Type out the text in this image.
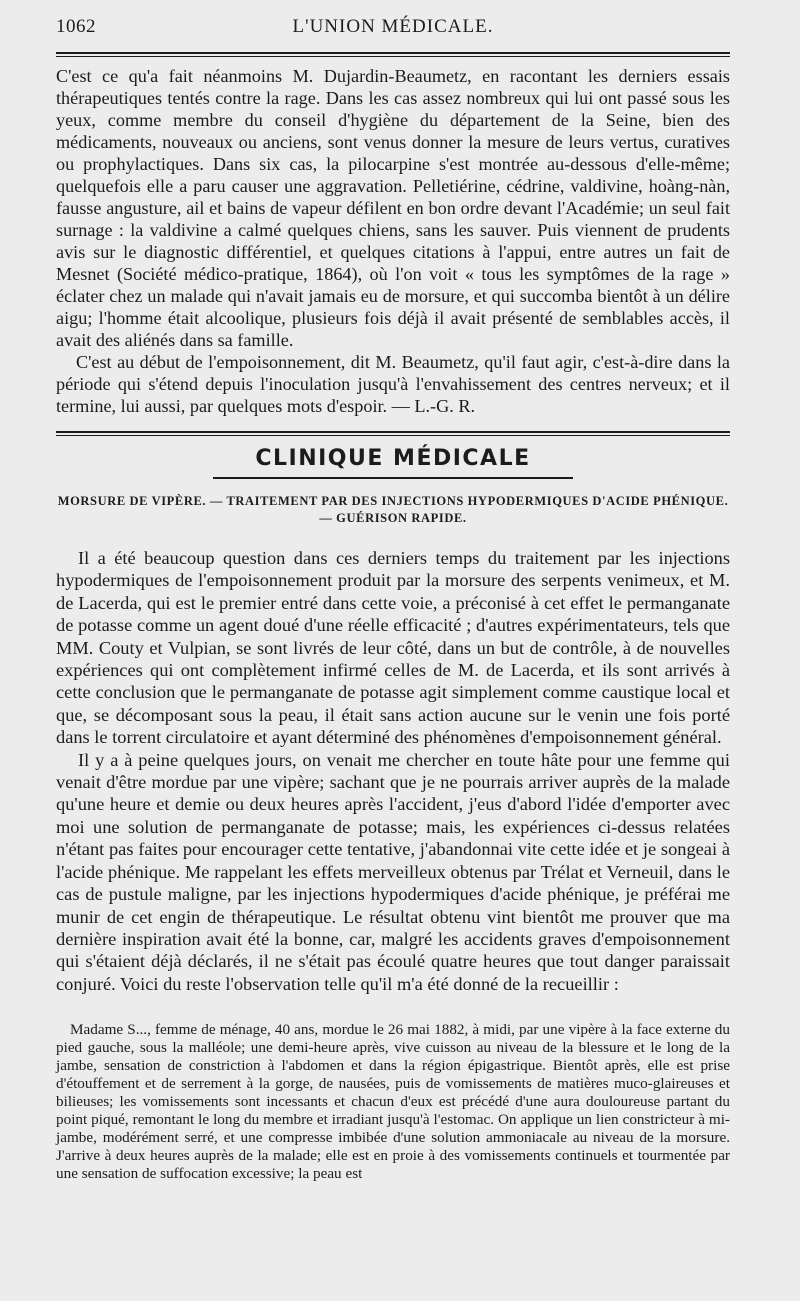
1062	L'UNION MÉDICALE.

C'est ce qu'a fait néanmoins M. Dujardin-Beaumetz, en racontant les derniers essais thérapeutiques tentés contre la rage. Dans les cas assez nombreux qui lui ont passé sous les yeux, comme membre du conseil d'hygiène du département de la Seine, bien des médicaments, nouveaux ou anciens, sont venus donner la mesure de leurs vertus, curatives ou prophylactiques. Dans six cas, la pilocarpine s'est montrée au-dessous d'elle-même; quelquefois elle a paru causer une aggravation. Pelletiérine, cédrine, valdivine, hoàng-nàn, fausse angusture, ail et bains de vapeur défilent en bon ordre devant l'Académie; un seul fait surnage : la valdivine a calmé quelques chiens, sans les sauver. Puis viennent de prudents avis sur le diagnostic différentiel, et quelques citations à l'appui, entre autres un fait de Mesnet (Société médico-pratique, 1864), où l'on voit « tous les symptômes de la rage » éclater chez un malade qui n'avait jamais eu de morsure, et qui succomba bientôt à un délire aigu; l'homme était alcoolique, plusieurs fois déjà il avait présenté de semblables accès, il avait des aliénés dans sa famille.

C'est au début de l'empoisonnement, dit M. Beaumetz, qu'il faut agir, c'est-à-dire dans la période qui s'étend depuis l'inoculation jusqu'à l'envahissement des centres nerveux; et il termine, lui aussi, par quelques mots d'espoir. — L.-G. R.

CLINIQUE MÉDICALE
MORSURE DE VIPÈRE. — TRAITEMENT PAR DES INJECTIONS HYPODERMIQUES D'ACIDE PHÉNIQUE. — GUÉRISON RAPIDE.

Il a été beaucoup question dans ces derniers temps du traitement par les injections hypodermiques de l'empoisonnement produit par la morsure des serpents venimeux, et M. de Lacerda, qui est le premier entré dans cette voie, a préconisé à cet effet le permanganate de potasse comme un agent doué d'une réelle efficacité ; d'autres expérimentateurs, tels que MM. Couty et Vulpian, se sont livrés de leur côté, dans un but de contrôle, à de nouvelles expériences qui ont complètement infirmé celles de M. de Lacerda, et ils sont arrivés à cette conclusion que le permanganate de potasse agit simplement comme caustique local et que, se décomposant sous la peau, il était sans action aucune sur le venin une fois porté dans le torrent circulatoire et ayant déterminé des phénomènes d'empoisonnement général.

Il y a à peine quelques jours, on venait me chercher en toute hâte pour une femme qui venait d'être mordue par une vipère; sachant que je ne pourrais arriver auprès de la malade qu'une heure et demie ou deux heures après l'accident, j'eus d'abord l'idée d'emporter avec moi une solution de permanganate de potasse; mais, les expériences ci-dessus relatées n'étant pas faites pour encourager cette tentative, j'abandonnai vite cette idée et je songeai à l'acide phénique. Me rappelant les effets merveilleux obtenus par Trélat et Verneuil, dans le cas de pustule maligne, par les injections hypodermiques d'acide phénique, je préférai me munir de cet engin de thérapeutique. Le résultat obtenu vint bientôt me prouver que ma dernière inspiration avait été la bonne, car, malgré les accidents graves d'empoisonnement qui s'étaient déjà déclarés, il ne s'était pas écoulé quatre heures que tout danger paraissait conjuré. Voici du reste l'observation telle qu'il m'a été donné de la recueillir :

Madame S..., femme de ménage, 40 ans, mordue le 26 mai 1882, à midi, par une vipère à la face externe du pied gauche, sous la malléole; une demi-heure après, vive cuisson au niveau de la blessure et le long de la jambe, sensation de constriction à l'abdomen et dans la région épigastrique. Bientôt après, elle est prise d'étouffement et de serrement à la gorge, de nausées, puis de vomissements de matières muco-glaireuses et bilieuses; les vomissements sont incessants et chacun d'eux est précédé d'une aura douloureuse partant du point piqué, remontant le long du membre et irradiant jusqu'à l'estomac. On applique un lien constricteur à mi-jambe, modérément serré, et une compresse imbibée d'une solution ammoniacale au niveau de la morsure. J'arrive à deux heures auprès de la malade; elle est en proie à des vomissements continuels et tourmentée par une sensation de suffocation excessive; la peau est
